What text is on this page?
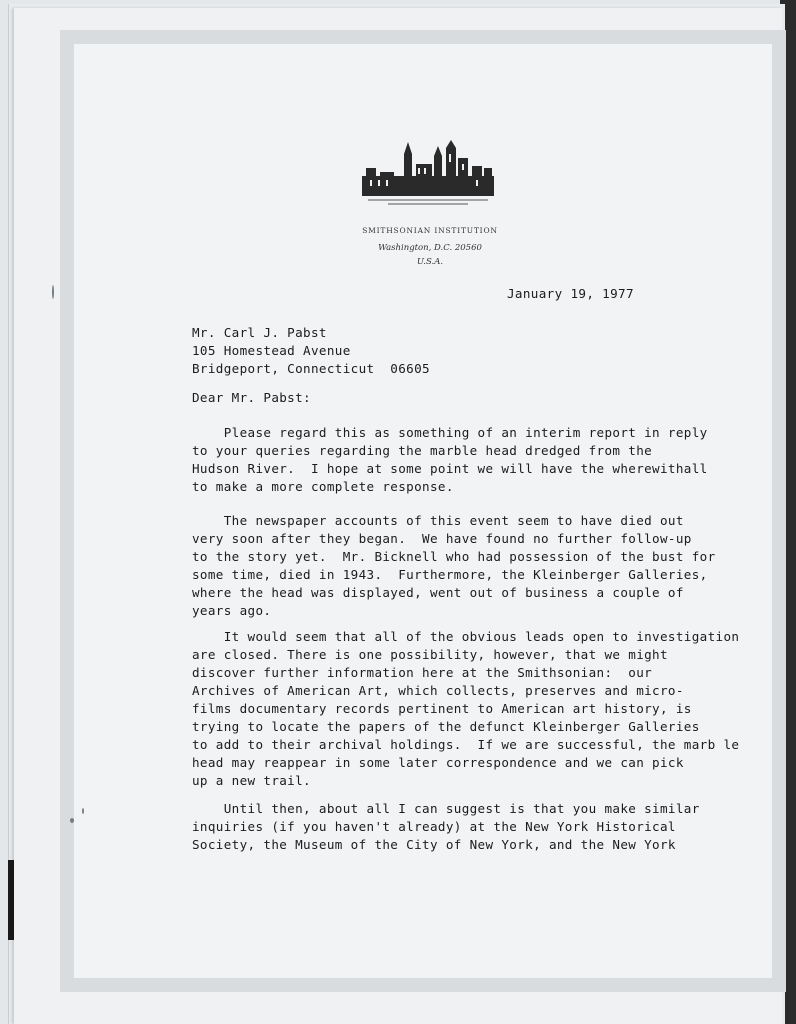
SMITHSONIAN INSTITUTION
Washington, D.C. 20560
U.S.A.
January 19, 1977
Mr. Carl J. Pabst
105 Homestead Avenue
Bridgeport, Connecticut  06605
Dear Mr. Pabst:
Please regard this as something of an interim report in reply
to your queries regarding the marble head dredged from the
Hudson River.  I hope at some point we will have the wherewithall
to make a more complete response.
The newspaper accounts of this event seem to have died out
very soon after they began.  We have found no further follow-up
to the story yet.  Mr. Bicknell who had possession of the bust for
some time, died in 1943.  Furthermore, the Kleinberger Galleries,
where the head was displayed, went out of business a couple of
years ago.
It would seem that all of the obvious leads open to investigation
are closed. There is one possibility, however, that we might
discover further information here at the Smithsonian:  our
Archives of American Art, which collects, preserves and micro-
films documentary records pertinent to American art history, is
trying to locate the papers of the defunct Kleinberger Galleries
to add to their archival holdings.  If we are successful, the marb le
head may reappear in some later correspondence and we can pick
up a new trail.
Until then, about all I can suggest is that you make similar
inquiries (if you haven't already) at the New York Historical
Society, the Museum of the City of New York, and the New York
